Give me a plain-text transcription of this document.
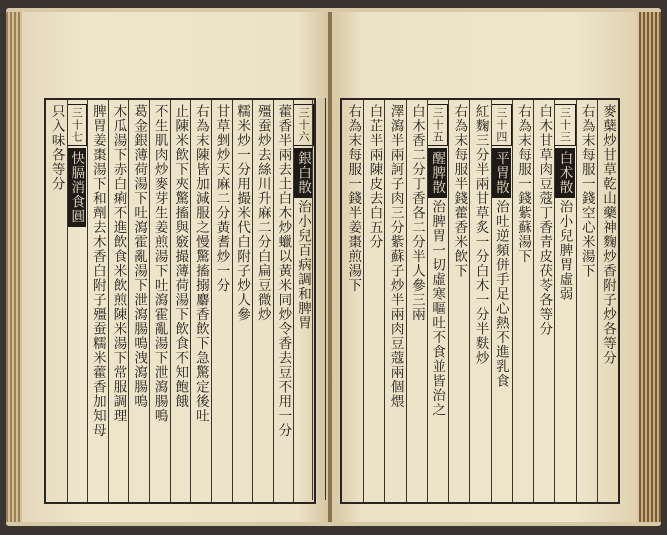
只入味各等分 三十七快膈消食圓 脾胃姜棗湯下和劑去木香白附子殭蚕糯米藿香加知母 木瓜湯下赤白痢不進飲食米飲煎陳米湯下常服調理 葛金銀薄荷湯下吐瀉霍亂湯下泄瀉腸鳴洩瀉腸鳴 不生肌肉炒麥芽生姜煎湯下吐瀉霍亂湯下泄瀉腸鳴 止陳米飲下夾驚搐與竅撮薄荷湯下飲食不知飽餓 右為末陳皆加減服之慢驚搐搦麝香飲下急驚定後吐 甘草剉炒天麻二分黃耆炒一分 糯米炒一分用撮米代白附子炒人參 殭蚕炒去絲川升麻二分白扁豆微炒 藿香半兩去土白木炒蠟以黃米同炒令香去豆不用一分 三十六銀白散治小兒百病調和脾胃	右為末每服一錢半姜棗煎湯下 白芷半兩陳皮去白五分 澤瀉半兩訶子肉三分紫蘇子炒半兩肉豆蔻兩個煨 白木香二分丁香各二分半人參三兩 三十五醒脾散治脾胃一切虛寒嘔吐不食並皆治之
右為末每服半錢藿香米飲下 紅麴三分半兩甘草炙一分白木一分半麩炒 三十四平胃散治吐逆頻併手足心熱不進乳食
右為末每服一錢紫蘇湯下 白木甘草肉豆蔻丁香青皮茯苓各等分 三十三白术散治小兒脾胃虛弱 右為末每服一錢空心米湯下 麥蘖炒甘草乾山藥神麴炒香附子炒各等分
